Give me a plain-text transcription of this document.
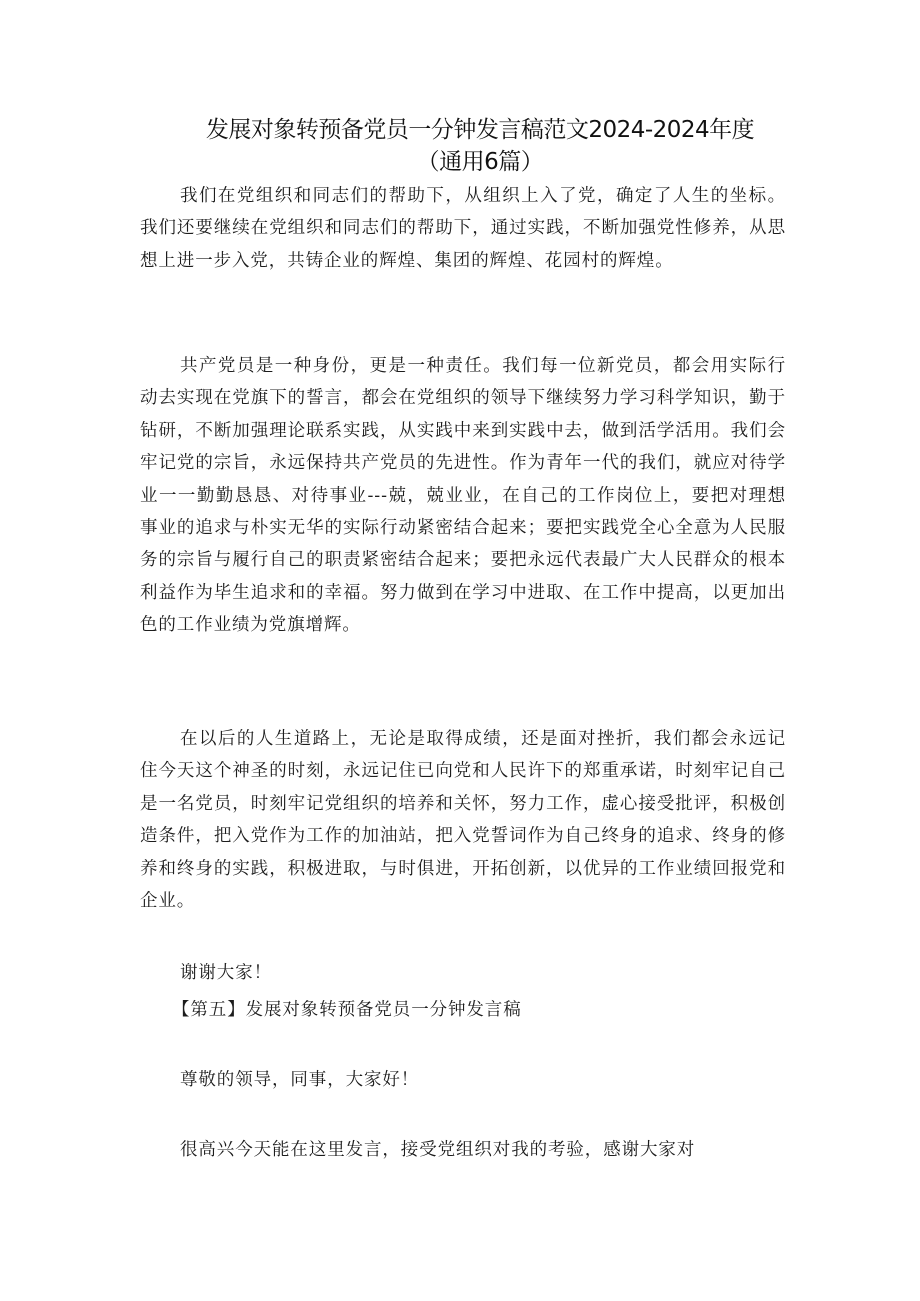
发展对象转预备党员一分钟发言稿范文2024-2024年度
（通用6篇）

我们在党组织和同志们的帮助下，从组织上入了党，确定了人生的坐标。我们还要继续在党组织和同志们的帮助下，通过实践，不断加强党性修养，从思想上进一步入党，共铸企业的辉煌、集团的辉煌、花园村的辉煌。

共产党员是一种身份，更是一种责任。我们每一位新党员，都会用实际行动去实现在党旗下的誓言，都会在党组织的领导下继续努力学习科学知识，勤于钻研，不断加强理论联系实践，从实践中来到实践中去，做到活学活用。我们会牢记党的宗旨，永远保持共产党员的先进性。作为青年一代的我们，就应对待学业一一勤勤恳恳、对待事业---兢，兢业业，在自己的工作岗位上，要把对理想事业的追求与朴实无华的实际行动紧密结合起来；要把实践党全心全意为人民服务的宗旨与履行自己的职责紧密结合起来；要把永远代表最广大人民群众的根本利益作为毕生追求和的幸福。努力做到在学习中进取、在工作中提高，以更加出色的工作业绩为党旗增辉。

在以后的人生道路上，无论是取得成绩，还是面对挫折，我们都会永远记住今天这个神圣的时刻，永远记住已向党和人民许下的郑重承诺，时刻牢记自己是一名党员，时刻牢记党组织的培养和关怀，努力工作，虚心接受批评，积极创造条件，把入党作为工作的加油站，把入党誓词作为自己终身的追求、终身的修养和终身的实践，积极进取，与时俱进，开拓创新，以优异的工作业绩回报党和企业。

谢谢大家！

【第五】发展对象转预备党员一分钟发言稿

尊敬的领导，同事，大家好！

很高兴今天能在这里发言，接受党组织对我的考验，感谢大家对
